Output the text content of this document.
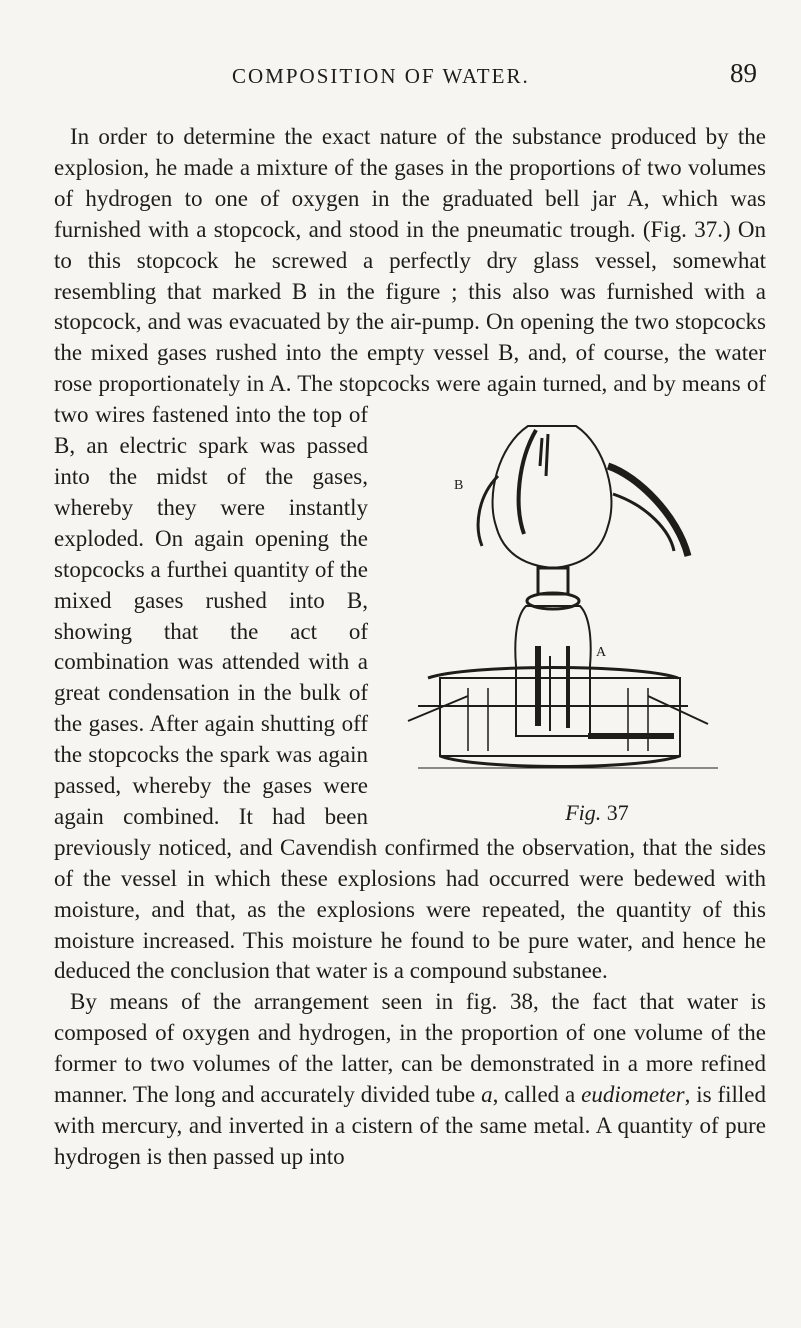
COMPOSITION OF WATER.	89

In order to determine the exact nature of the substance produced by the explosion, he made a mixture of the gases in the proportions of two volumes of hydrogen to one of oxygen in the graduated bell jar A, which was furnished with a stopcock, and stood in the pneumatic trough. (Fig. 37.) On to this stopcock he screwed a perfectly dry glass vessel, somewhat resembling that marked B in the figure ; this also was furnished with a stopcock, and was evacuated by the air-pump. On opening the two stopcocks the mixed gases rushed into the empty vessel B, and, of course, the water rose proportionately in A. The stopcocks were again turned, and by means of
B
A
Fig. 37
two wires fastened into the top of B, an electric spark was passed into the midst of the gases, whereby they were instantly exploded. On again opening the stopcocks a furthei quantity of the mixed gases rushed into B, showing that the act of combination was attended with a great condensation in the bulk of the gases. After again shutting off the stopcocks the spark was again passed, whereby the gases were again combined. It had been previously noticed, and Cavendish confirmed the observation, that the sides of the vessel in which these explosions had occurred were bedewed with moisture, and that, as the explosions were repeated, the quantity of this moisture increased. This moisture he found to be pure water, and hence he deduced the conclusion that water is a compound substanee.

By means of the arrangement seen in fig. 38, the fact that water is composed of oxygen and hydrogen, in the proportion of one volume of the former to two volumes of the latter, can be demonstrated in a more refined manner. The long and accurately divided tube a, called a eudiometer, is filled with mercury, and inverted in a cistern of the same metal. A quantity of pure hydrogen is then passed up into
